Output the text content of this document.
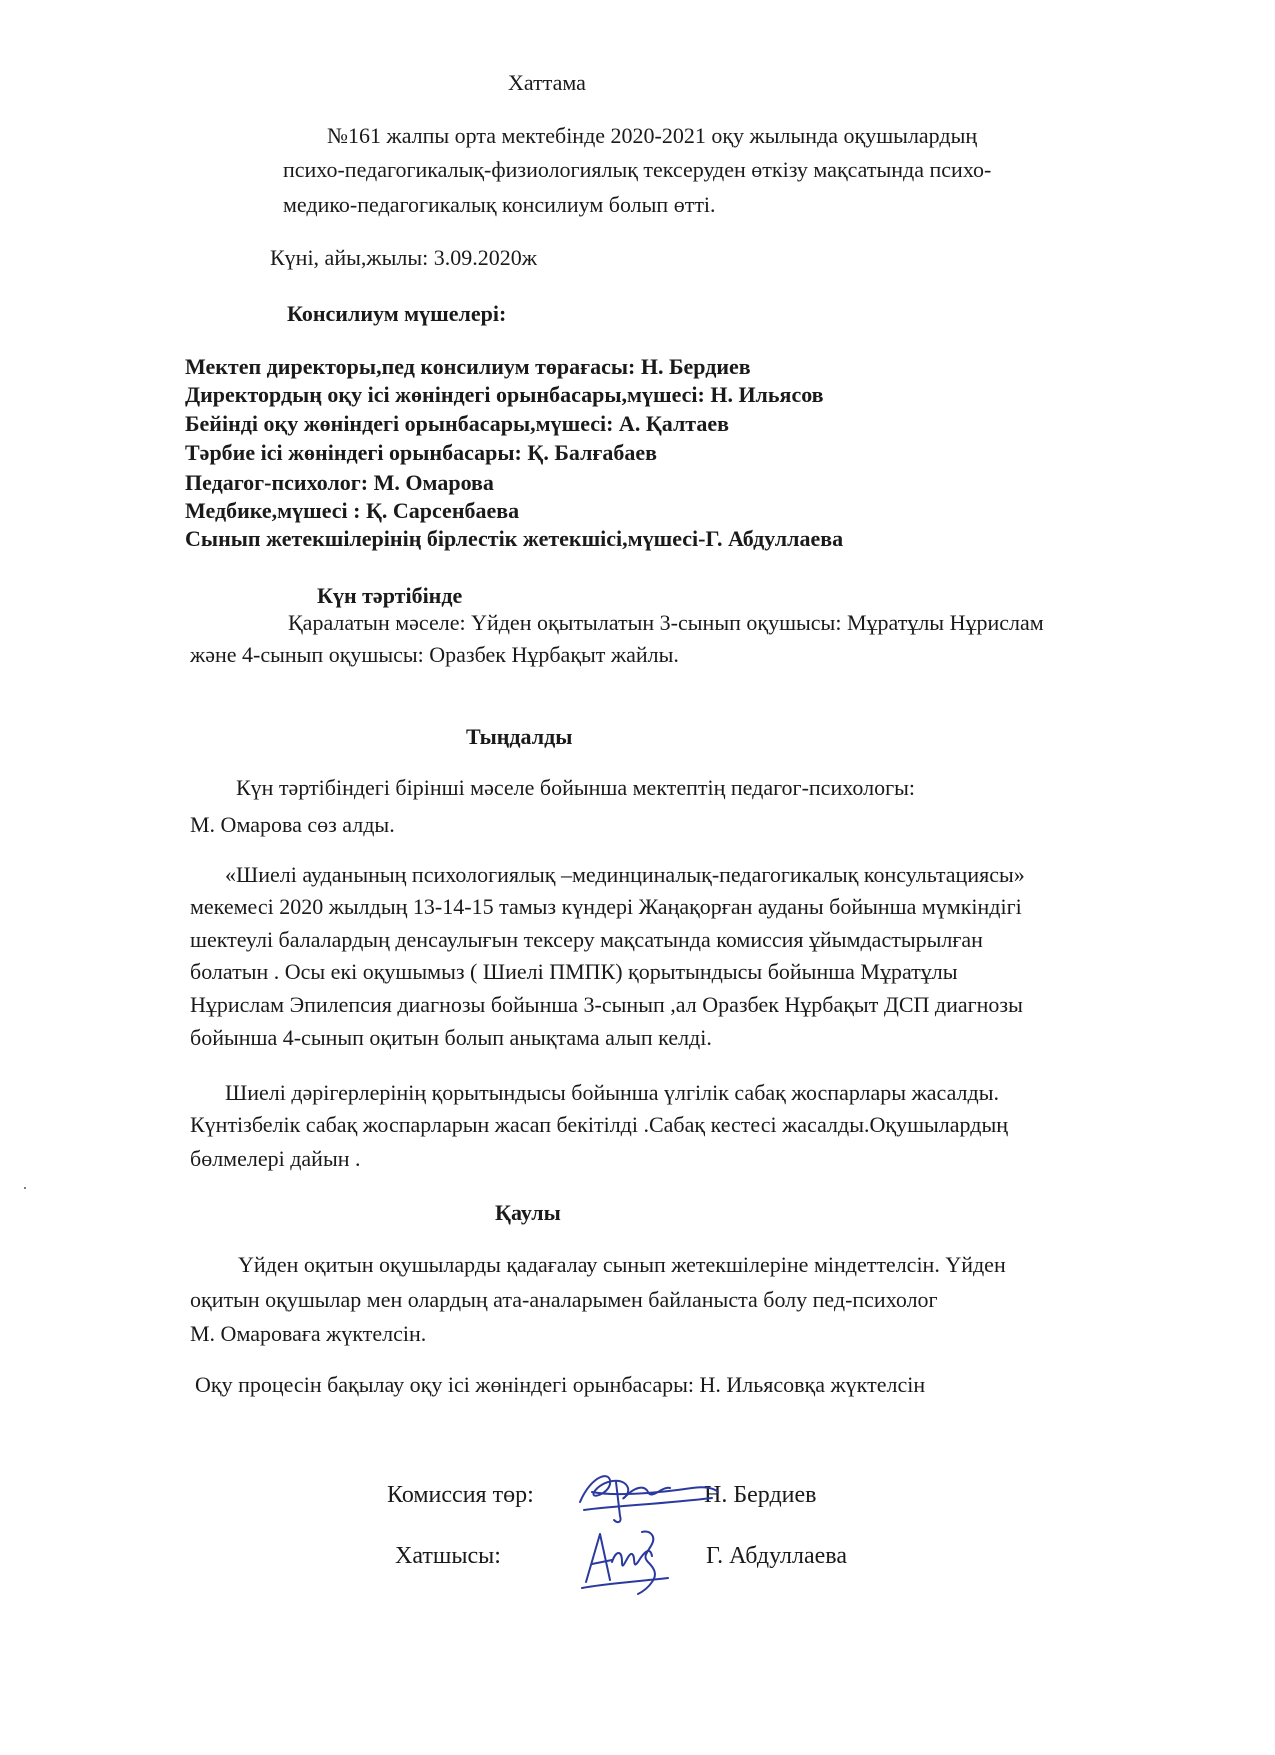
Хаттама
№161 жалпы орта мектебінде 2020-2021 оқу жылында оқушылардың
психо-педагогикалық-физиологиялық тексеруден өткізу мақсатында психо-
медико-педагогикалық консилиум болып өтті.
Күні, айы,жылы: 3.09.2020ж
Консилиум мүшелері:
Мектеп директоры,пед консилиум төрағасы: Н. Бердиев
Директордың оқу ісі жөніндегі орынбасары,мүшесі: Н. Ильясов
Бейінді оқу жөніндегі орынбасары,мүшесі: А. Қалтаев
Тәрбие ісі жөніндегі орынбасары: Қ. Балғабаев
Педагог-психолог: М. Омарова
Медбике,мүшесі : Қ. Сарсенбаева
Сынып жетекшілерінің бірлестік жетекшісі,мүшесі-Г. Абдуллаева
Күн тәртібінде
Қаралатын мәселе: Үйден оқытылатын 3-сынып оқушысы: Мұратұлы Нұрислам
және 4-сынып оқушысы: Оразбек Нұрбақыт жайлы.
Тыңдалды
Күн тәртібіндегі бірінші мәселе бойынша мектептің педагог-психологы:
М. Омарова сөз алды.
«Шиелі ауданының психологиялық –мединциналық-педагогикалық консультациясы»
мекемесі 2020 жылдың 13-14-15 тамыз күндері Жаңақорған ауданы бойынша мүмкіндігі
шектеулі балалардың денсаулығын тексеру мақсатында комиссия ұйымдастырылған
болатын . Осы екі оқушымыз ( Шиелі ПМПК) қорытындысы бойынша Мұратұлы
Нұрислам Эпилепсия диагнозы бойынша 3-сынып ,ал Оразбек Нұрбақыт ДСП диагнозы
бойынша 4-сынып оқитын болып анықтама алып келді.
Шиелі дәрігерлерінің қорытындысы бойынша үлгілік сабақ жоспарлары жасалды.
Күнтізбелік сабақ жоспарларын жасап бекітілді .Сабақ кестесі жасалды.Оқушылардың
бөлмелері дайын .
Қаулы
Үйден оқитын оқушыларды қадағалау сынып жетекшілеріне міндеттелсін. Үйден
оқитын оқушылар мен олардың ата-аналарымен байланыста болу пед-психолог
М. Омароваға жүктелсін.
Оқу процесін бақылау оқу ісі жөніндегі орынбасары: Н. Ильясовқа жүктелсін
Комиссия төр:	Н. Бердиев
Хатшысы:	Г. Абдуллаева
